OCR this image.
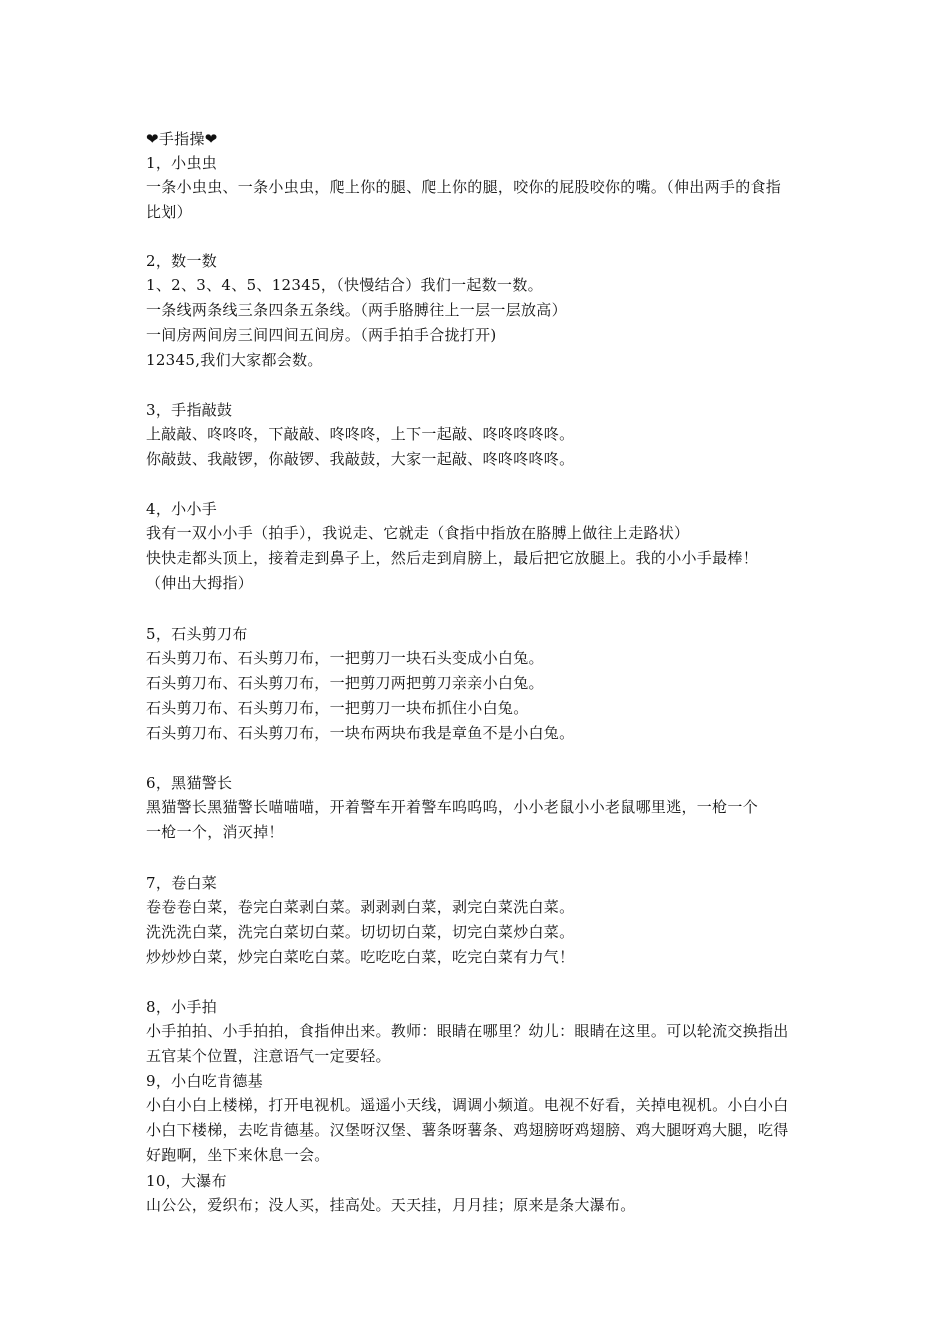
❤手指操❤
1，小虫虫
一条小虫虫、一条小虫虫，爬上你的腿、爬上你的腿，咬你的屁股咬你的嘴。（伸出两手的食指
比划）
2，数一数
1、2、3、4、5、12345，（快慢结合）我们一起数一数。
一条线两条线三条四条五条线。（两手胳膊往上一层一层放高）
一间房两间房三间四间五间房。（两手拍手合拢打开)
12345,我们大家都会数。
3，手指敲鼓
上敲敲、咚咚咚，下敲敲、咚咚咚，上下一起敲、咚咚咚咚咚。
你敲鼓、我敲锣，你敲锣、我敲鼓，大家一起敲、咚咚咚咚咚。
4，小小手
我有一双小小手（拍手），我说走、它就走（食指中指放在胳膊上做往上走路状）
快快走都头顶上，接着走到鼻子上，然后走到肩膀上，最后把它放腿上。我的小小手最棒！
（伸出大拇指）
5，石头剪刀布
石头剪刀布、石头剪刀布，一把剪刀一块石头变成小白兔。
石头剪刀布、石头剪刀布，一把剪刀两把剪刀亲亲小白兔。
石头剪刀布、石头剪刀布，一把剪刀一块布抓住小白兔。
石头剪刀布、石头剪刀布，一块布两块布我是章鱼不是小白兔。
6，黑猫警长
黑猫警长黑猫警长喵喵喵，开着警车开着警车呜呜呜，小小老鼠小小老鼠哪里逃，一枪一个
一枪一个，消灭掉！
7，卷白菜
卷卷卷白菜，卷完白菜剥白菜。剥剥剥白菜，剥完白菜洗白菜。
洗洗洗白菜，洗完白菜切白菜。切切切白菜，切完白菜炒白菜。
炒炒炒白菜，炒完白菜吃白菜。吃吃吃白菜，吃完白菜有力气！
8，小手拍
小手拍拍、小手拍拍，食指伸出来。教师：眼睛在哪里？幼儿：眼睛在这里。可以轮流交换指出
五官某个位置，注意语气一定要轻。
9，小白吃肯德基
小白小白上楼梯，打开电视机。遥遥小天线，调调小频道。电视不好看，关掉电视机。小白小白
小白下楼梯，去吃肯德基。汉堡呀汉堡、薯条呀薯条、鸡翅膀呀鸡翅膀、鸡大腿呀鸡大腿，吃得
好跑啊，坐下来休息一会。
10，大瀑布
山公公，爱织布；没人买，挂高处。天天挂，月月挂；原来是条大瀑布。
